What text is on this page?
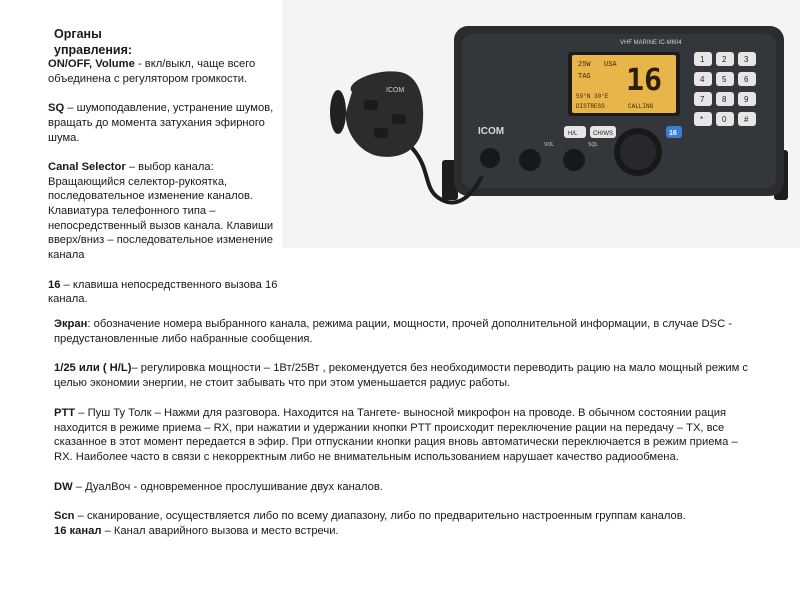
Органы
управления:

ON/OFF, Volume - вкл/выкл, чаще всего объединена с регулятором громкости.

SQ – шумоподавление, устранение шумов, вращать до момента затухания эфирного шума.

Canal Selector – выбор канала:
Вращающийся селектор-рукоятка, последовательное изменение каналов. Клавиатура телефонного типа – непосредственный вызов канала. Клавиши вверх/вниз – последовательное изменение канала

16 – клавиша непосредственного вызова 16 канала.

VHF MARINE IC-M604
25W USA
TAG 16
59°N 30°E
DISTRESS	CALLING
ICOM	H/L	CH/WS
VOL	SQL
1 2 3
4 5 6
7 8 9
* 0 #
16
ICOM

Экран: обозначение номера выбранного канала, режима рации, мощности, прочей дополнительной информации, в случае DSC - предустановленные либо набранные сообщения.

1/25 или ( H/L)– регулировка мощности – 1Вт/25Вт , рекомендуется без необходимости переводить рацию на мало мощный режим с целью экономии энергии, не стоит забывать что при этом уменьшается радиус работы.

PTT – Пуш Ту Толк – Нажми для разговора. Находится на Тангете- выносной микрофон на проводе. В обычном состоянии рация находится в режиме приема – RX, при нажатии и удержании кнопки PTT происходит переключение рации на передачу – TX, все сказанное в этот момент передается в эфир. При отпускании кнопки рация вновь автоматически переключается в режим приема – RX. Наиболее часто в связи с некорректным либо не внимательным использованием нарушает качество радиообмена.

DW – ДуалВоч - одновременное прослушивание двух каналов.

Scn – сканирование, осуществляется либо по всему диапазону, либо по предварительно настроенным группам каналов.

16 канал – Канал аварийного вызова и место встречи.
